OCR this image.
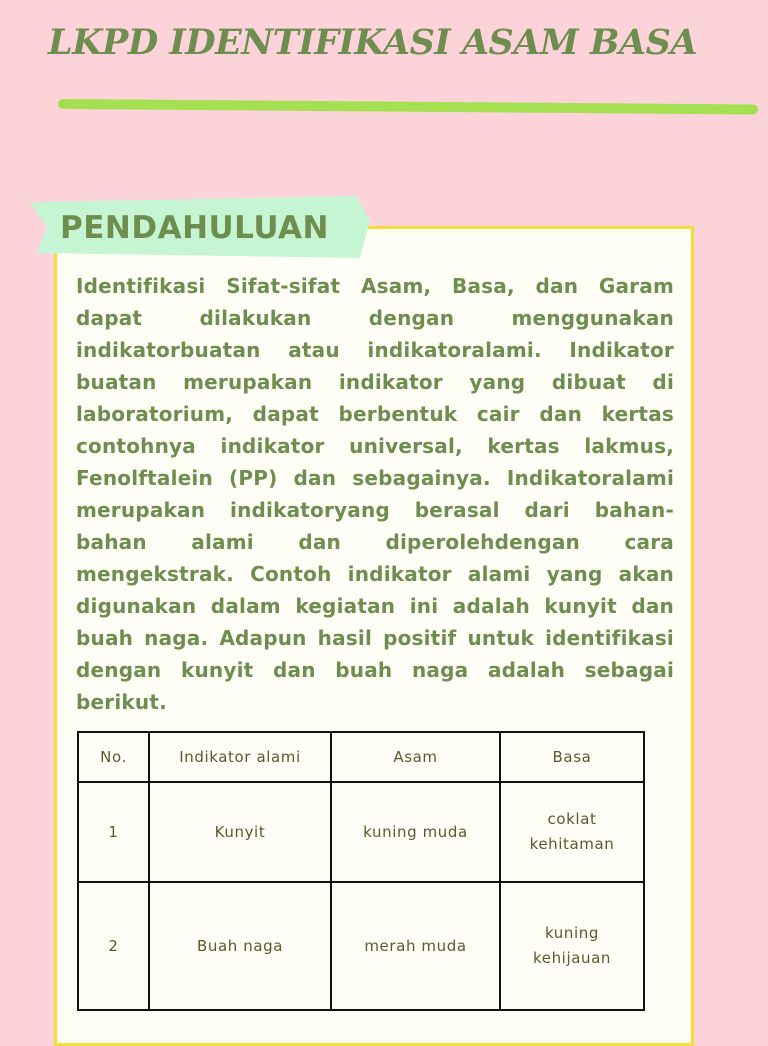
LKPD IDENTIFIKASI ASAM BASA
PENDAHULUAN

Identifikasi Sifat-sifat Asam, Basa, dan Garam dapat dilakukan dengan menggunakan indikatorbuatan atau indikatoralami. Indikator buatan merupakan indikator yang dibuat di laboratorium, dapat berbentuk cair dan kertas contohnya indikator universal, kertas lakmus, Fenolftalein (PP) dan sebagainya. Indikatoralami merupakan indikatoryang berasal dari bahan-bahan alami dan diperolehdengan cara mengekstrak. Contoh indikator alami yang akan digunakan dalam kegiatan ini adalah kunyit dan buah naga. Adapun hasil positif untuk identifikasi dengan kunyit dan buah naga adalah sebagai berikut.

No.	Indikator alami	Asam	Basa
1	Kunyit	kuning muda	coklat kehitaman
2	Buah naga	merah muda	kuning kehijauan
